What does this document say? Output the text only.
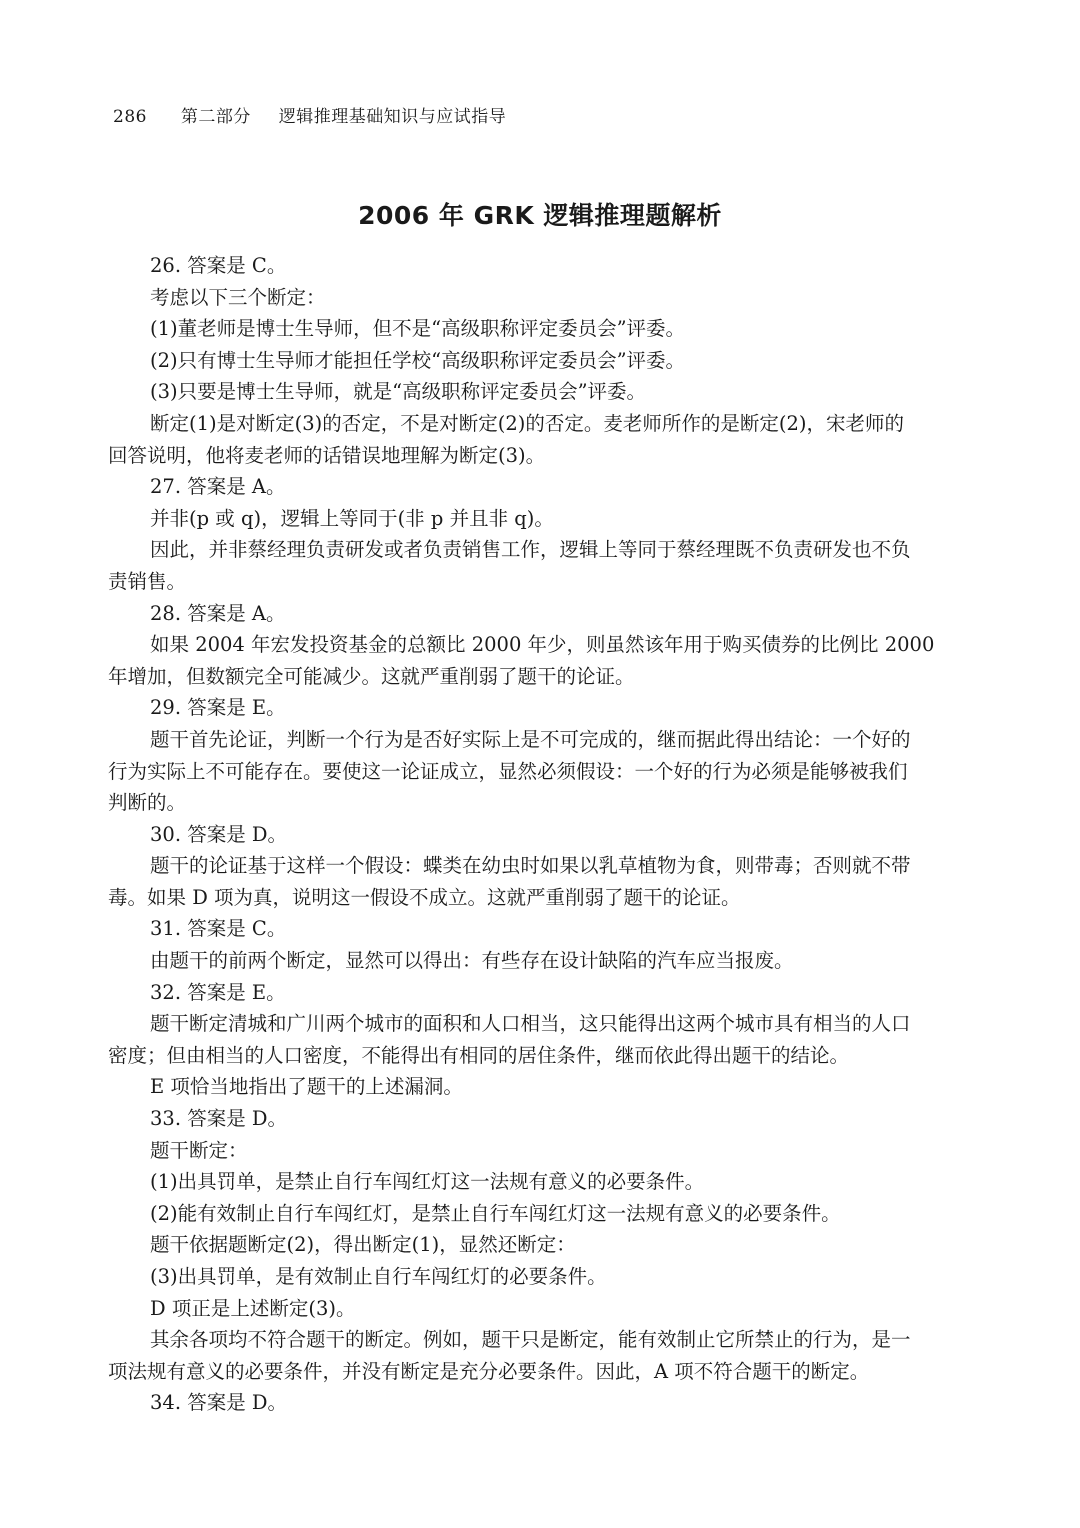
286 第二部分 逻辑推理基础知识与应试指导
2006 年 GRK 逻辑推理题解析

26. 答案是 C。

考虑以下三个断定：

(1)董老师是博士生导师，但不是“高级职称评定委员会”评委。

(2)只有博士生导师才能担任学校“高级职称评定委员会”评委。

(3)只要是博士生导师，就是“高级职称评定委员会”评委。

断定(1)是对断定(3)的否定，不是对断定(2)的否定。麦老师所作的是断定(2)，宋老师的

回答说明，他将麦老师的话错误地理解为断定(3)。

27. 答案是 A。

并非(p 或 q)，逻辑上等同于(非 p 并且非 q)。

因此，并非蔡经理负责研发或者负责销售工作，逻辑上等同于蔡经理既不负责研发也不负

责销售。

28. 答案是 A。

如果 2004 年宏发投资基金的总额比 2000 年少，则虽然该年用于购买债券的比例比 2000

年增加，但数额完全可能减少。这就严重削弱了题干的论证。

29. 答案是 E。

题干首先论证，判断一个行为是否好实际上是不可完成的，继而据此得出结论：一个好的

行为实际上不可能存在。要使这一论证成立，显然必须假设：一个好的行为必须是能够被我们

判断的。

30. 答案是 D。

题干的论证基于这样一个假设：蝶类在幼虫时如果以乳草植物为食，则带毒；否则就不带

毒。如果 D 项为真，说明这一假设不成立。这就严重削弱了题干的论证。

31. 答案是 C。

由题干的前两个断定，显然可以得出：有些存在设计缺陷的汽车应当报废。

32. 答案是 E。

题干断定清城和广川两个城市的面积和人口相当，这只能得出这两个城市具有相当的人口

密度；但由相当的人口密度，不能得出有相同的居住条件，继而依此得出题干的结论。

E 项恰当地指出了题干的上述漏洞。

33. 答案是 D。

题干断定：

(1)出具罚单，是禁止自行车闯红灯这一法规有意义的必要条件。

(2)能有效制止自行车闯红灯，是禁止自行车闯红灯这一法规有意义的必要条件。

题干依据题断定(2)，得出断定(1)，显然还断定：

(3)出具罚单，是有效制止自行车闯红灯的必要条件。

D 项正是上述断定(3)。

其余各项均不符合题干的断定。例如，题干只是断定，能有效制止它所禁止的行为，是一

项法规有意义的必要条件，并没有断定是充分必要条件。因此，A 项不符合题干的断定。

34. 答案是 D。
